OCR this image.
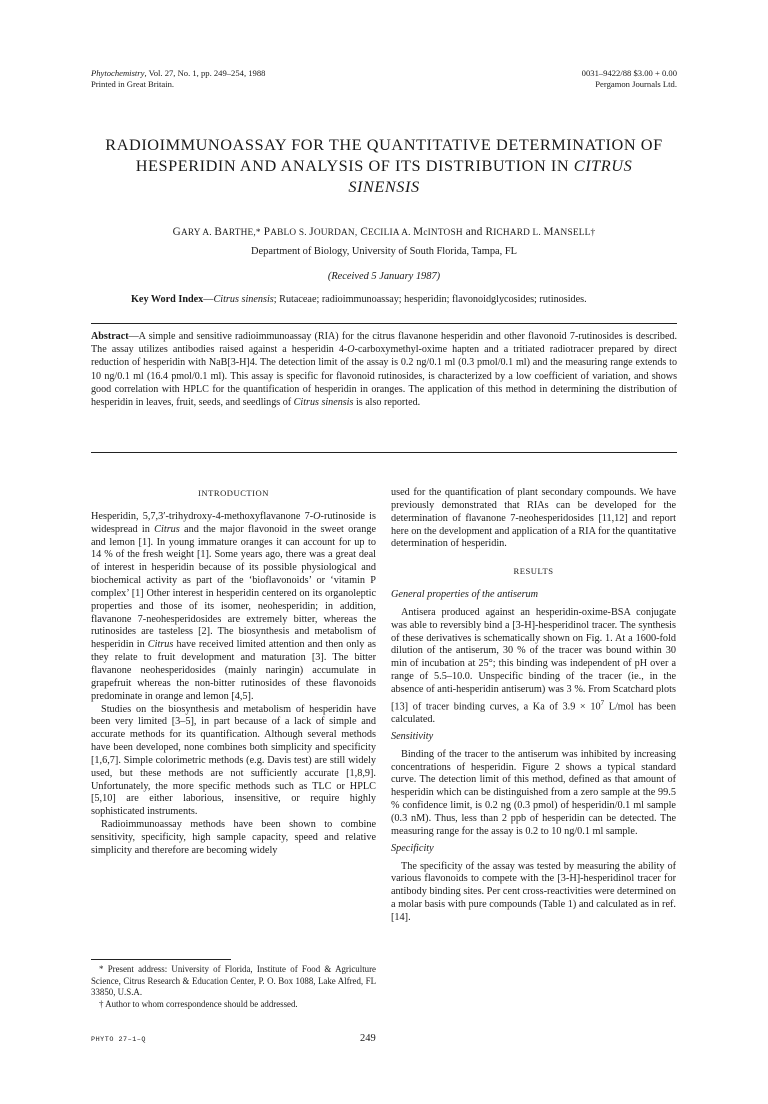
Phytochemistry, Vol. 27, No. 1, pp. 249–254, 1988
Printed in Great Britain.
0031–9422/88 $3.00 + 0.00
Pergamon Journals Ltd.
RADIOIMMUNOASSAY FOR THE QUANTITATIVE DETERMINATION OF
HESPERIDIN AND ANALYSIS OF ITS DISTRIBUTION IN CITRUS
SINENSIS
GARY A. BARTHE,* PABLO S. JOURDAN, CECILIA A. McINTOSH and RICHARD L. MANSELL†
Department of Biology, University of South Florida, Tampa, FL
(Received 5 January 1987)
Key Word Index—Citrus sinensis; Rutaceae; radioimmunoassay; hesperidin; flavonoidglycosides; rutinosides.
Abstract—A simple and sensitive radioimmunoassay (RIA) for the citrus flavanone hesperidin and other flavonoid 7-rutinosides is described. The assay utilizes antibodies raised against a hesperidin 4-O-carboxymethyl-oxime hapten and a tritiated radiotracer prepared by direct reduction of hesperidin with NaB[3-H]4. The detection limit of the assay is 0.2 ng/0.1 ml (0.3 pmol/0.1 ml) and the measuring range extends to 10 ng/0.1 ml (16.4 pmol/0.1 ml). This assay is specific for flavonoid rutinosides, is characterized by a low coefficient of variation, and shows good correlation with HPLC for the quantification of hesperidin in oranges. The application of this method in determining the distribution of hesperidin in leaves, fruit, seeds, and seedlings of Citrus sinensis is also reported.
INTRODUCTION

Hesperidin, 5,7,3′-trihydroxy-4-methoxyflavanone 7-O-rutinoside is widespread in Citrus and the major flavonoid in the sweet orange and lemon [1]. In young immature oranges it can account for up to 14 % of the fresh weight [1]. Some years ago, there was a great deal of interest in hesperidin because of its possible physiological and biochemical activity as part of the ‘bioflavonoids’ or ‘vitamin P complex’ [1] Other interest in hesperidin centered on its organoleptic properties and those of its isomer, neohesperidin; in addition, flavanone 7-neohesperidosides are extremely bitter, whereas the rutinosides are tasteless [2]. The biosynthesis and metabolism of hesperidin in Citrus have received limited attention and then only as they relate to fruit development and maturation [3]. The bitter flavanone neohesperidosides (mainly naringin) accumulate in grapefruit whereas the non-bitter rutinosides of these flavonoids predominate in orange and lemon [4,5].

Studies on the biosynthesis and metabolism of hesperidin have been very limited [3–5], in part because of a lack of simple and accurate methods for its quantification. Although several methods have been developed, none combines both simplicity and specificity [1,6,7]. Simple colorimetric methods (e.g. Davis test) are still widely used, but these methods are not sufficiently accurate [1,8,9]. Unfortunately, the more specific methods such as TLC or HPLC [5,10] are either laborious, insensitive, or require highly sophisticated instruments.

Radioimmunoassay methods have been shown to combine sensitivity, specificity, high sample capacity, speed and relative simplicity and therefore are becoming widely

used for the quantification of plant secondary compounds. We have previously demonstrated that RIAs can be developed for the determination of flavanone 7-neohesperidosides [11,12] and report here on the development and application of a RIA for the quantitative determination of hesperidin.

RESULTS
General properties of the antiserum

Antisera produced against an hesperidin-oxime-BSA conjugate was able to reversibly bind a [3-H]-hesperidinol tracer. The synthesis of these derivatives is schematically shown on Fig. 1. At a 1600-fold dilution of the antiserum, 30 % of the tracer was bound within 30 min of incubation at 25°; this binding was independent of pH over a range of 5.5–10.0. Unspecific binding of the tracer (ie., in the absence of anti-hesperidin antiserum) was 3 %. From Scatchard plots [13] of tracer binding curves, a Ka of $3.9 \times 10^7$ L/mol has been calculated.

Sensitivity

Binding of the tracer to the antiserum was inhibited by increasing concentrations of hesperidin. Figure 2 shows a typical standard curve. The detection limit of this method, defined as that amount of hesperidin which can be distinguished from a zero sample at the 99.5 % confidence limit, is 0.2 ng (0.3 pmol) of hesperidin/0.1 ml sample (0.3 nM). Thus, less than 2 ppb of hesperidin can be detected. The measuring range for the assay is 0.2 to 10 ng/0.1 ml sample.

Specificity

The specificity of the assay was tested by measuring the ability of various flavonoids to compete with the [3-H]-hesperidinol tracer for antibody binding sites. Per cent cross-reactivities were determined on a molar basis with pure compounds (Table 1) and calculated as in ref. [14].

* Present address: University of Florida, Institute of Food & Agriculture Science, Citrus Research & Education Center, P. O. Box 1088, Lake Alfred, FL 33850, U.S.A.

† Author to whom correspondence should be addressed.

PHYTO 27–1–Q	249
